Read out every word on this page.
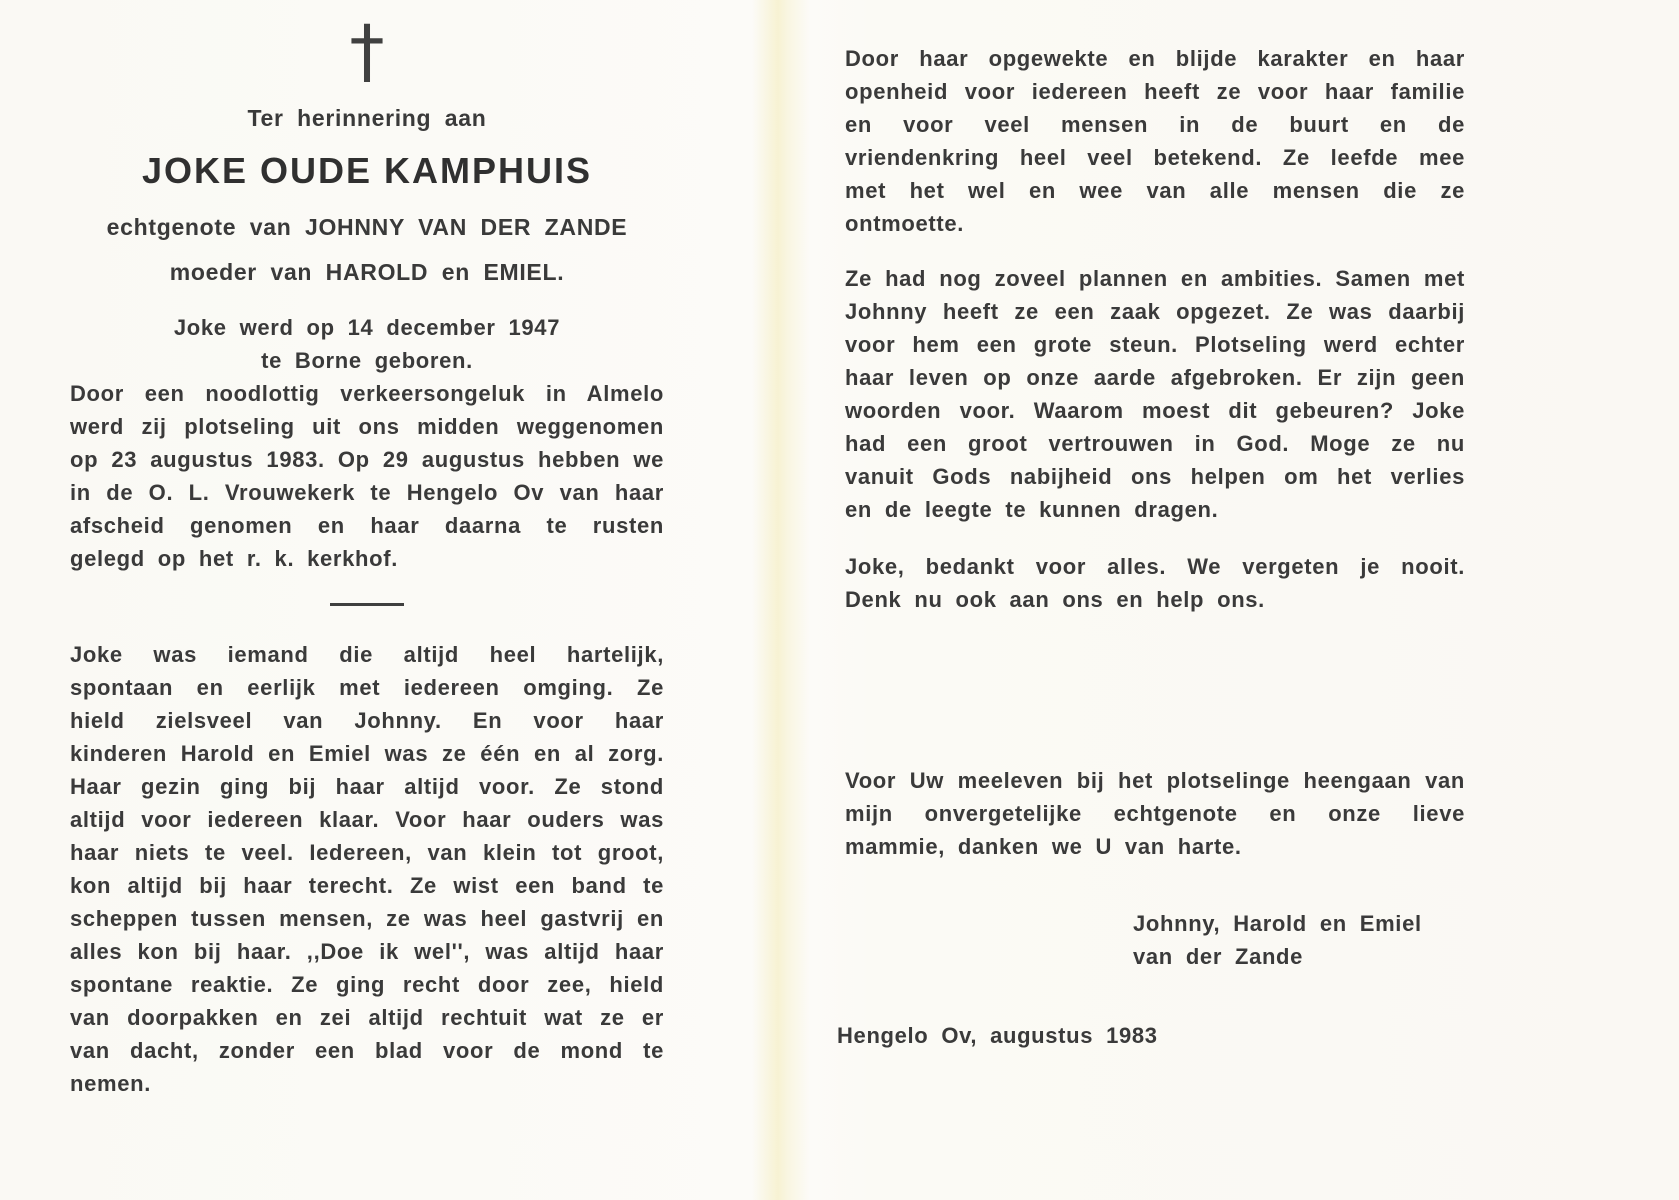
†
Ter herinnering aan
JOKE OUDE KAMPHUIS
echtgenote van JOHNNY VAN DER ZANDE
moeder van HAROLD en EMIEL.
Joke werd op 14 december 1947
te Borne geboren.
Door een noodlottig verkeersongeluk in Almelo werd zij plotseling uit ons midden weggenomen op 23 augustus 1983. Op 29 augustus hebben we in de O. L. Vrouwekerk te Hengelo Ov van haar afscheid genomen en haar daarna te rusten gelegd op het r. k. kerkhof.
Joke was iemand die altijd heel hartelijk, spontaan en eerlijk met iedereen omging. Ze hield zielsveel van Johnny. En voor haar kinderen Harold en Emiel was ze één en al zorg. Haar gezin ging bij haar altijd voor. Ze stond altijd voor iedereen klaar. Voor haar ouders was haar niets te veel. Iedereen, van klein tot groot, kon altijd bij haar terecht. Ze wist een band te scheppen tussen mensen, ze was heel gastvrij en alles kon bij haar. ,,Doe ik wel'', was altijd haar spontane reaktie. Ze ging recht door zee, hield van doorpakken en zei altijd rechtuit wat ze er van dacht, zonder een blad voor de mond te nemen.
Door haar opgewekte en blijde karakter en haar openheid voor iedereen heeft ze voor haar familie en voor veel mensen in de buurt en de vriendenkring heel veel betekend. Ze leefde mee met het wel en wee van alle mensen die ze ontmoette.
Ze had nog zoveel plannen en ambities. Samen met Johnny heeft ze een zaak opgezet. Ze was daarbij voor hem een grote steun. Plotseling werd echter haar leven op onze aarde afgebroken. Er zijn geen woorden voor. Waarom moest dit gebeuren? Joke had een groot vertrouwen in God. Moge ze nu vanuit Gods nabijheid ons helpen om het verlies en de leegte te kunnen dragen.
Joke, bedankt voor alles. We vergeten je nooit. Denk nu ook aan ons en help ons.
Voor Uw meeleven bij het plotselinge heengaan van mijn onvergetelijke echtgenote en onze lieve mammie, danken we U van harte.
Johnny, Harold en Emiel
van der Zande
Hengelo Ov, augustus 1983
